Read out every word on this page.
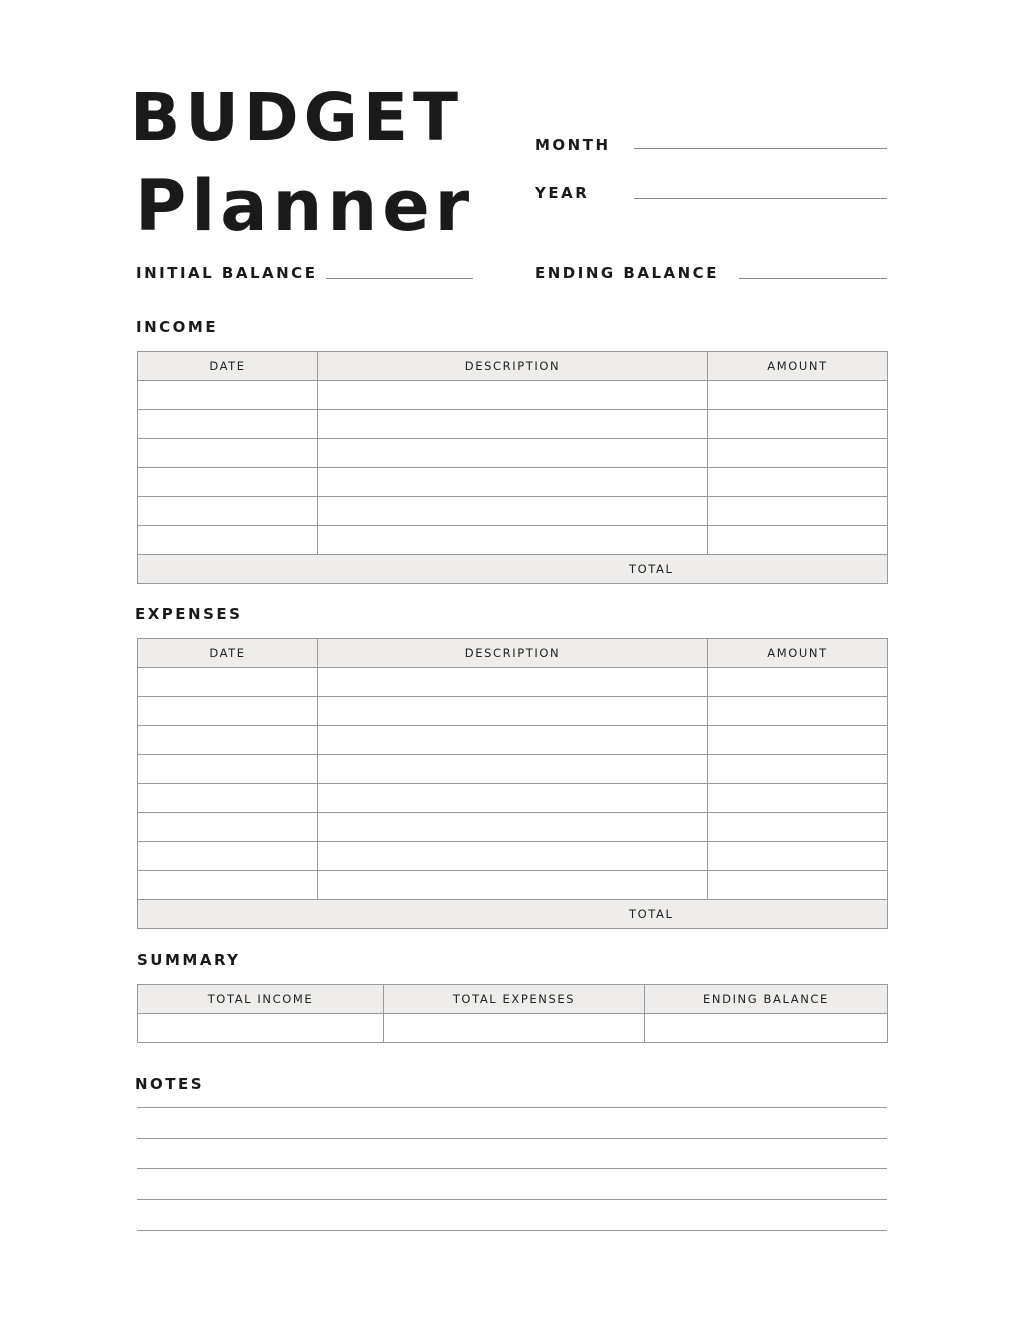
BUDGET
Planner
MONTH
YEAR
INITIAL BALANCE	ENDING BALANCE
INCOME
DATE	DESCRIPTION	AMOUNT

TOTAL		
EXPENSES
DATE	DESCRIPTION	AMOUNT

TOTAL		
SUMMARY
TOTAL INCOME	TOTAL EXPENSES	ENDING BALANCE

NOTES
